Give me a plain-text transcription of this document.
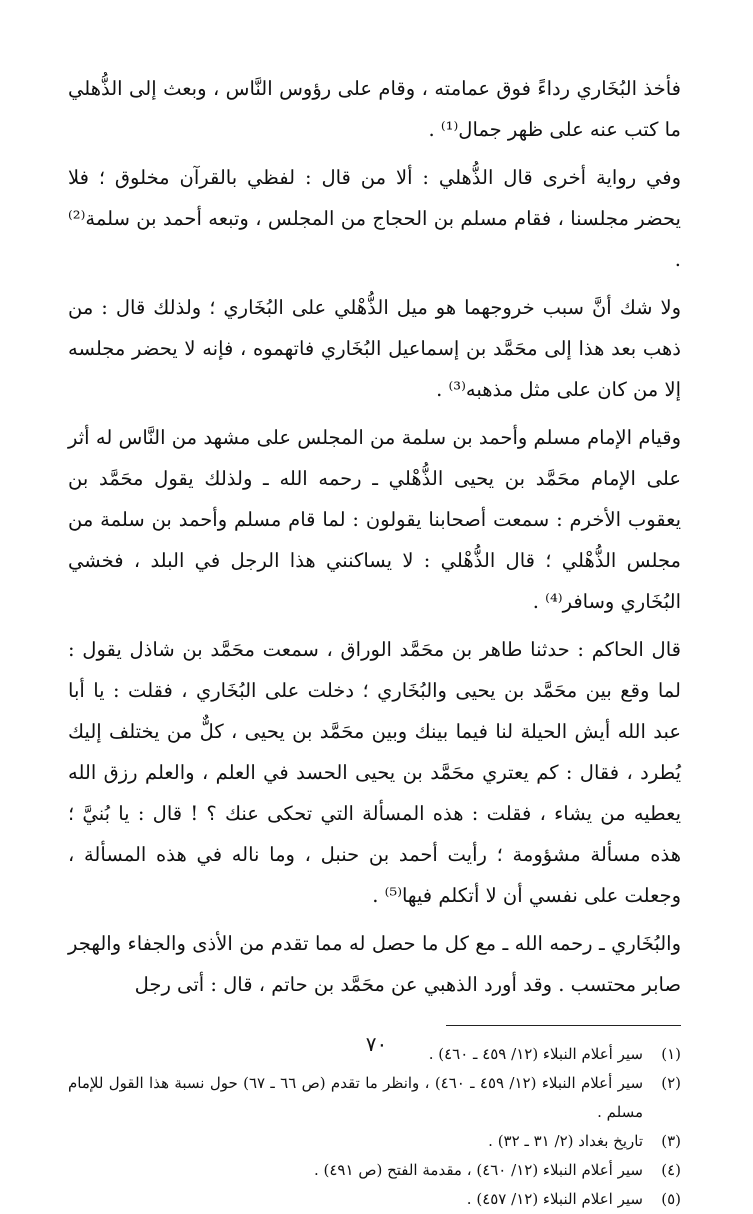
فأخذ البُخَاري رداءً فوق عمامته ، وقام على رؤوس النَّاس ، وبعث إلى الذُّهلي ما كتب عنه على ظهر جمال⁽¹⁾ .

وفي رواية أخرى قال الذُّهلي : ألا من قال : لفظي بالقرآن مخلوق ؛ فلا يحضر مجلسنا ، فقام مسلم بن الحجاج من المجلس ، وتبعه أحمد بن سلمة⁽²⁾ .

ولا شك أنَّ سبب خروجهما هو ميل الذُّهْلي على البُخَاري ؛ ولذلك قال : من ذهب بعد هذا إلى محَمَّد بن إسماعيل البُخَاري فاتهموه ، فإنه لا يحضر مجلسه إلا من كان على مثل مذهبه⁽³⁾ .

وقيام الإمام مسلم وأحمد بن سلمة من المجلس على مشهد من النَّاس له أثر على الإمام محَمَّد بن يحيى الذُّهْلي ـ رحمه الله ـ ولذلك يقول محَمَّد بن يعقوب الأخرم : سمعت أصحابنا يقولون : لما قام مسلم وأحمد بن سلمة من مجلس الذُّهْلي ؛ قال الذُّهْلي : لا يساكنني هذا الرجل في البلد ، فخشي البُخَاري وسافر⁽⁴⁾ .

قال الحاكم : حدثنا طاهر بن محَمَّد الوراق ، سمعت محَمَّد بن شاذل يقول : لما وقع بين محَمَّد بن يحيى والبُخَاري ؛ دخلت على البُخَاري ، فقلت : يا أبا عبد الله أيش الحيلة لنا فيما بينك وبين محَمَّد بن يحيى ، كلٌّ من يختلف إليك يُطرد ، فقال : كم يعتري محَمَّد بن يحيى الحسد في العلم ، والعلم رزق الله يعطيه من يشاء ، فقلت : هذه المسألة التي تحكى عنك ؟ ! قال : يا بُنيَّ ؛ هذه مسألة مشؤومة ؛ رأيت أحمد بن حنبل ، وما ناله في هذه المسألة ، وجعلت على نفسي أن لا أتكلم فيها⁽⁵⁾ .

والبُخَاري ـ رحمه الله ـ مع كل ما حصل له مما تقدم من الأذى والجفاء والهجر صابر محتسب . وقد أورد الذهبي عن محَمَّد بن حاتم ، قال : أتى رجل

(١)
سير أعلام النبلاء (١٢/ ٤٥٩ ـ ٤٦٠) .
(٢)
سير أعلام النبلاء (١٢/ ٤٥٩ ـ ٤٦٠) ، وانظر ما تقدم (ص ٦٦ ـ ٦٧) حول نسبة هذا القول للإمام مسلم .
(٣)
تاريخ بغداد (٢/ ٣١ ـ ٣٢) .
(٤)
سير أعلام النبلاء (١٢/ ٤٦٠) ، مقدمة الفتح (ص ٤٩١) .
(٥)
سير اعلام النبلاء (١٢/ ٤٥٧) .
٧٠
